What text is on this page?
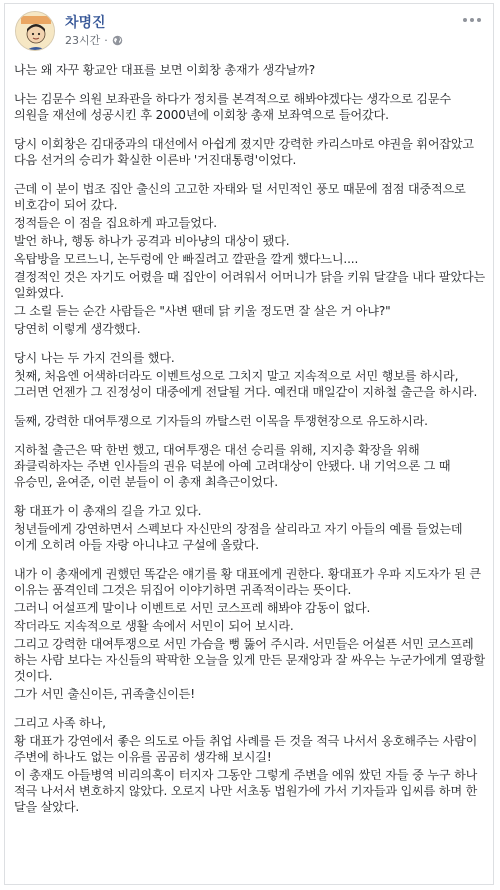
차명진
23시간 ·

나는 왜 자꾸 황교안 대표를 보면 이회창 총재가 생각날까?

나는 김문수 의원 보좌관을 하다가 정치를 본격적으로 해봐야겠다는 생각으로 김문수 의원을 재선에 성공시킨 후 2000년에 이회창 총재 보좌역으로 들어갔다.

당시 이회창은 김대중과의 대선에서 아쉽게 졌지만 강력한 카리스마로 야권을 휘어잡았고 다음 선거의 승리가 확실한 이른바 '거진대통령'이었다.

근데 이 분이 법조 집안 출신의 고고한 자태와 덜 서민적인 풍모 때문에 점점 대중적으로 비호감이 되어 갔다.

정적들은 이 점을 집요하게 파고들었다.

발언 하나, 행동 하나가 공격과 비아냥의 대상이 됐다.

옥탑방을 모르느니, 논두렁에 안 빠질려고 깔판을 깔게 했다느니....

결정적인 것은 자기도 어렸을 때 집안이 어려워서 어머니가 닭을 키워 달걀을 내다 팔았다는 일화였다.

그 소릴 듣는 순간 사람들은 "사변 땐데 닭 키울 정도면 잘 살은 거 아냐?"

당연히 이렇게 생각했다.

당시 나는 두 가지 건의를 했다.

첫째, 처음엔 어색하더라도 이벤트성으로 그치지 말고 지속적으로 서민 행보를 하시라, 그러면 언젠가 그 진정성이 대중에게 전달될 거다. 예컨대 매일같이 지하철 출근을 하시라.

둘째, 강력한 대여투쟁으로 기자들의 까탈스런 이목을 투쟁현장으로 유도하시라.

지하철 출근은 딱 한번 했고, 대여투쟁은 대선 승리를 위해, 지지층 확장을 위해 좌클릭하자는 주변 인사들의 권유 덕분에 아예 고려대상이 안됐다. 내 기억으론 그 때 유승민, 윤여준, 이런 분들이 이 총재 최측근이었다.

황 대표가 이 총재의 길을 가고 있다.

청년들에게 강연하면서 스펙보다 자신만의 장점을 살리라고 자기 아들의 예를 들었는데 이게 오히려 아들 자랑 아니냐고 구설에 올랐다.

내가 이 총재에게 권했던 똑같은 얘기를 황 대표에게 권한다. 황대표가 우파 지도자가 된 큰 이유는 품격인데 그것은 뒤집어 이야기하면 귀족적이라는 뜻이다.

그러니 어설프게 말이나 이벤트로 서민 코스프레 해봐야 감동이 없다.

작더라도 지속적으로 생활 속에서 서민이 되어 보시라.

그리고 강력한 대여투쟁으로 서민 가슴을 뻥 뚫어 주시라. 서민들은 어설픈 서민 코스프레 하는 사람 보다는 자신들의 팍팍한 오늘을 있게 만든 문재앙과 잘 싸우는 누군가에게 열광할 것이다.

그가 서민 출신이든, 귀족출신이든!

그리고 사족 하나,

황 대표가 강연에서 좋은 의도로 아들 취업 사례를 든 것을 적극 나서서 옹호해주는 사람이 주변에 하나도 없는 이유를 곰곰히 생각해 보시길!

이 총재도 아들병역 비리의혹이 터지자 그동안 그렇게 주변을 에워 쌌던 자들 중 누구 하나 적극 나서서 변호하지 않았다. 오로지 나만 서초동 법원가에 가서 기자들과 입씨름 하며 한 달을 살았다.
